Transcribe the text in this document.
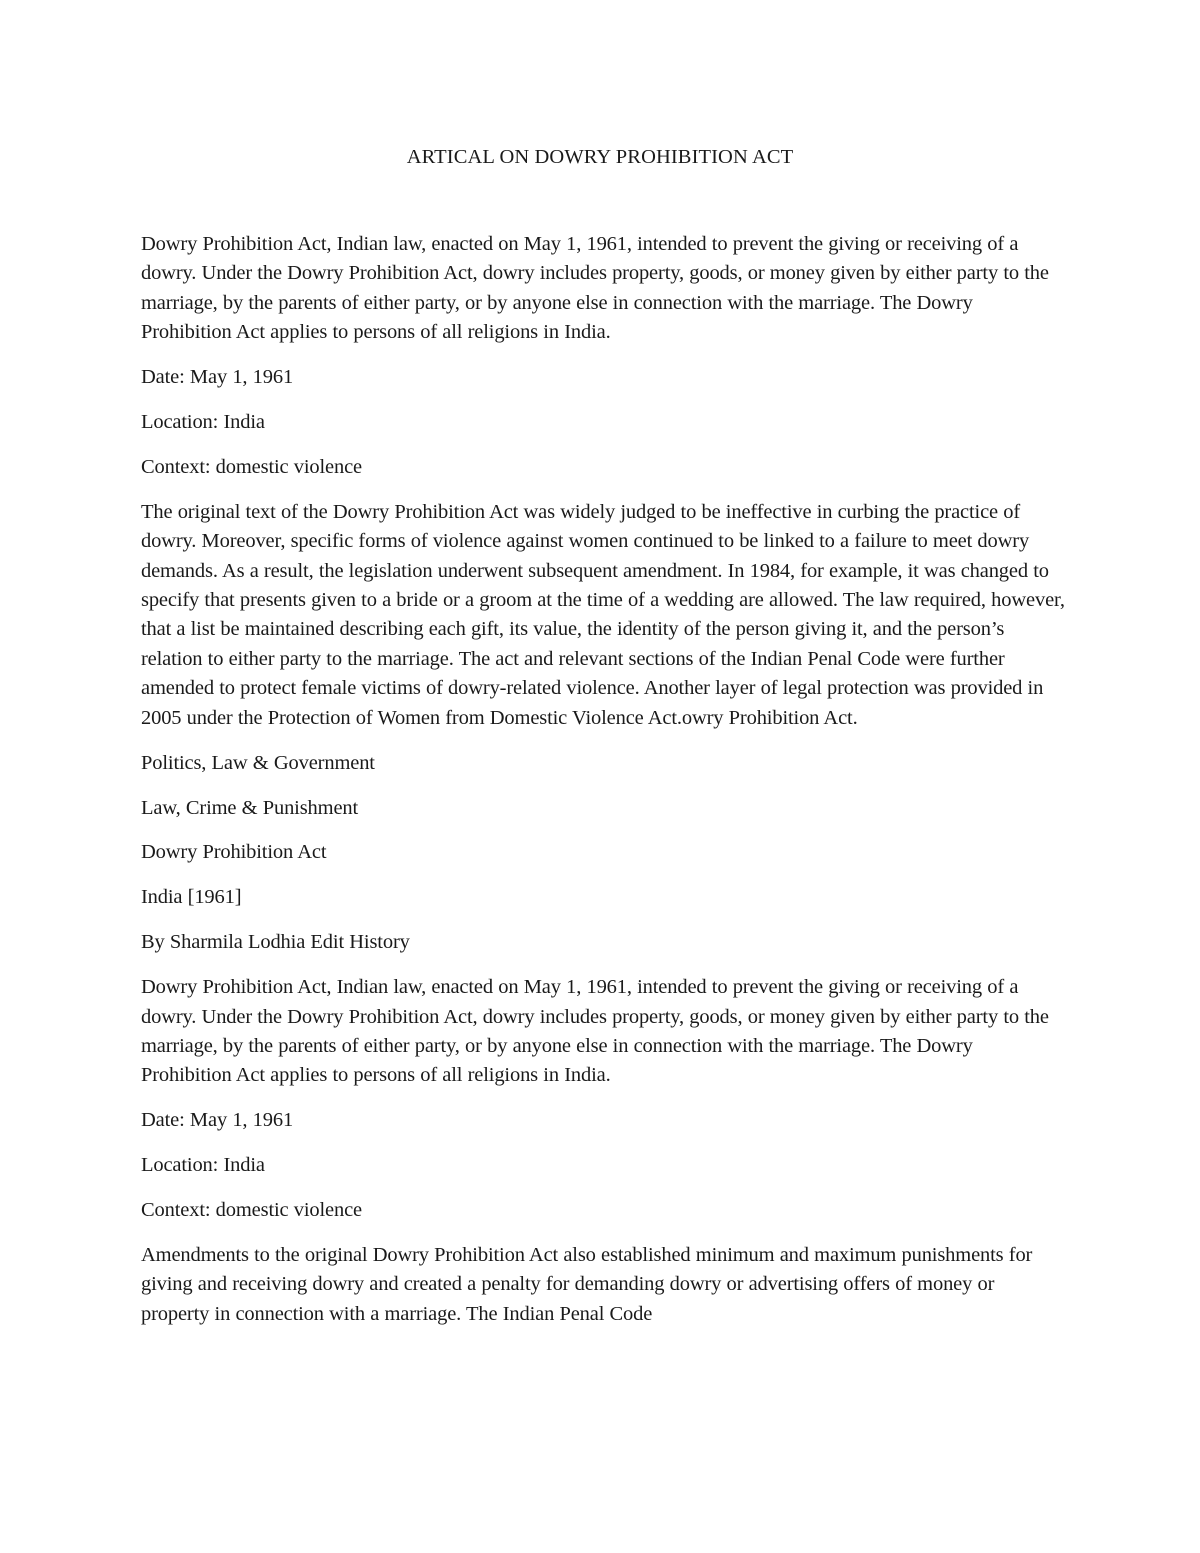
ARTICAL ON DOWRY PROHIBITION ACT

Dowry Prohibition Act, Indian law, enacted on May 1, 1961, intended to prevent the giving or receiving of a dowry. Under the Dowry Prohibition Act, dowry includes property, goods, or money given by either party to the marriage, by the parents of either party, or by anyone else in connection with the marriage. The Dowry Prohibition Act applies to persons of all religions in India.

Date: May 1, 1961

Location: India

Context: domestic violence

The original text of the Dowry Prohibition Act was widely judged to be ineffective in curbing the practice of dowry. Moreover, specific forms of violence against women continued to be linked to a failure to meet dowry demands. As a result, the legislation underwent subsequent amendment. In 1984, for example, it was changed to specify that presents given to a bride or a groom at the time of a wedding are allowed. The law required, however, that a list be maintained describing each gift, its value, the identity of the person giving it, and the person’s relation to either party to the marriage. The act and relevant sections of the Indian Penal Code were further amended to protect female victims of dowry-related violence. Another layer of legal protection was provided in 2005 under the Protection of Women from Domestic Violence Act.owry Prohibition Act.

Politics, Law & Government

Law, Crime & Punishment

Dowry Prohibition Act

India [1961]

By Sharmila Lodhia Edit History

Dowry Prohibition Act, Indian law, enacted on May 1, 1961, intended to prevent the giving or receiving of a dowry. Under the Dowry Prohibition Act, dowry includes property, goods, or money given by either party to the marriage, by the parents of either party, or by anyone else in connection with the marriage. The Dowry Prohibition Act applies to persons of all religions in India.

Date: May 1, 1961

Location: India

Context: domestic violence

Amendments to the original Dowry Prohibition Act also established minimum and maximum punishments for giving and receiving dowry and created a penalty for demanding dowry or advertising offers of money or property in connection with a marriage. The Indian Penal Code
